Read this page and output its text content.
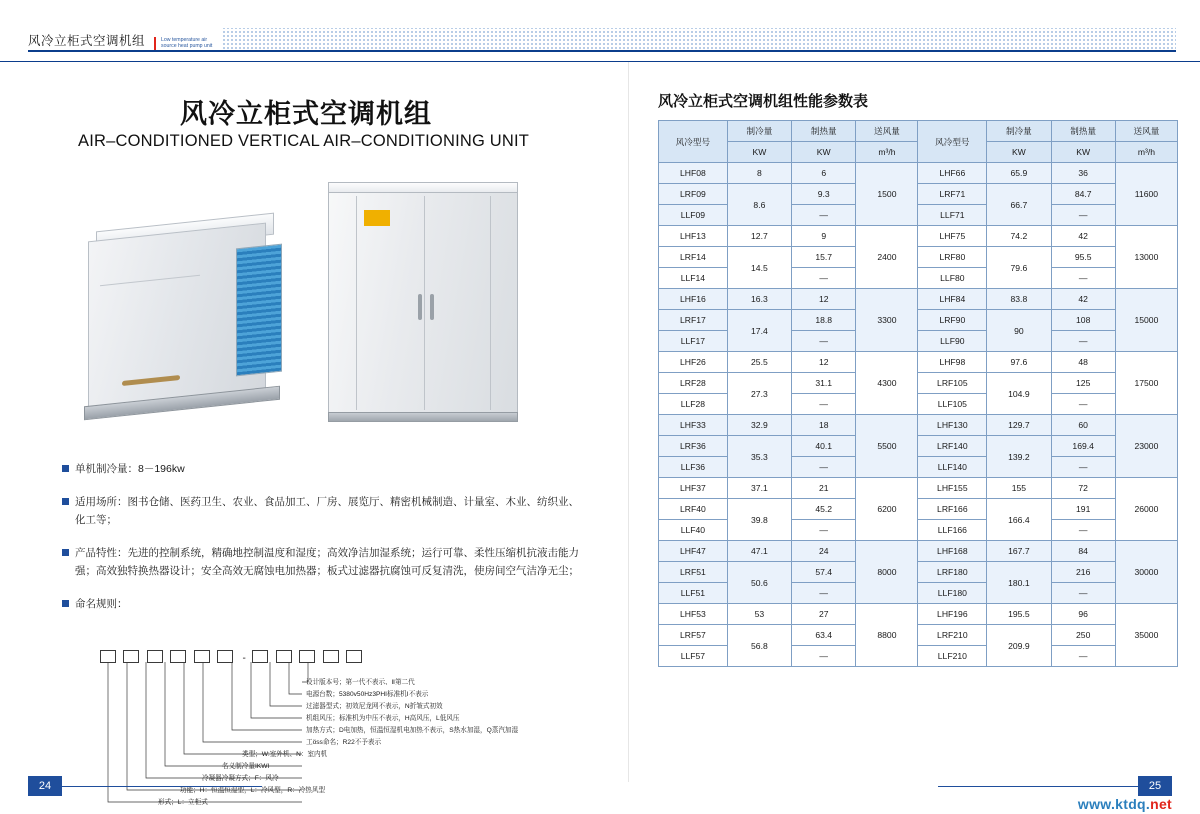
风冷立柜式空调机组	Low temperature air source heat pump unit
风冷立柜式空调机组
AIR–CONDITIONED VERTICAL AIR–CONDITIONING UNIT
单机制冷量：8－196kw
适用场所：图书仓储、医药卫生、农业、食品加工、厂房、展览厅、精密机械制造、计量室、木业、纺织业、化工等；
产品特性：先进的控制系统，精确地控制温度和湿度；高效净洁加湿系统；运行可靠、柔性压缩机抗液击能力强；高效独特换热器设计；安全高效无腐蚀电加热器；板式过滤器抗腐蚀可反复清洗，使房间空气洁净无尘；
命名规则：
-
设计版本号；第一代不表示、Ⅱ第二代
电源台数；5380v50Hz3PHI标准机I不表示
过滤器型式；初效尼龙网不表示，N折皱式初效
机组风压；标准机为中压不表示，H高风压，L低风压
加热方式；D电加热，恒温恒湿机电加热不表示，S热水加湿，Q蒸汽加湿
工öss命名；R22不予表示
类型；W:室外机、N：室内机
名义制冷量IKWI
冷凝器冷凝方式；F：风冷
功能；H：恒温恒湿型，L：冷风型，R：冷热风型
形式；L：立柜式
24
风冷立柜式空调机组性能参数表
风冷型号	制冷量	制热量	送风量	风冷型号	制冷量	制热量	送风量
	KW	KW	m³/h		KW	KW	m³/h
LHF08	8	6	1500	LHF66	65.9	36	11600
LRF09	8.6	9.3		LRF71	66.7	84.7	
LLF09		—		LLF71		—	
LHF13	12.7	9	2400	LHF75	74.2	42	13000
LRF14	14.5	15.7		LRF80	79.6	95.5	
LLF14		—		LLF80		—	
LHF16	16.3	12	3300	LHF84	83.8	42	15000
LRF17	17.4	18.8		LRF90	90	108	
LLF17		—		LLF90		—	
LHF26	25.5	12	4300	LHF98	97.6	48	17500
LRF28	27.3	31.1		LRF105	104.9	125	
LLF28		—		LLF105		—	
LHF33	32.9	18	5500	LHF130	129.7	60	23000
LRF36	35.3	40.1		LRF140	139.2	169.4	
LLF36		—		LLF140		—	
LHF37	37.1	21	6200	LHF155	155	72	26000
LRF40	39.8	45.2		LRF166	166.4	191	
LLF40		—		LLF166		—	
LHF47	47.1	24	8000	LHF168	167.7	84	30000
LRF51	50.6	57.4		LRF180	180.1	216	
LLF51		—		LLF180		—	
LHF53	53	27	8800	LHF196	195.5	96	35000
LRF57	56.8	63.4		LRF210	209.9	250	
LLF57		—		LLF210		—	
25
www.ktdq.net
